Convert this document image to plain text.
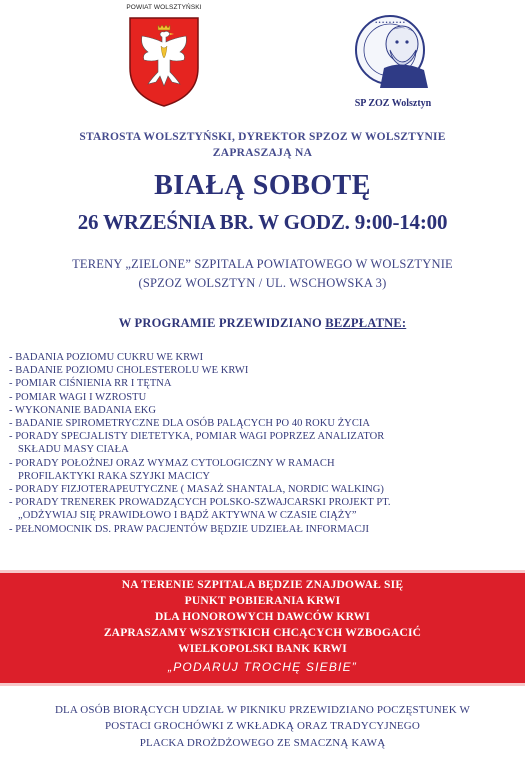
POWIAT WOLSZTYŃSKI
• • • • • • • • •
SP ZOZ Wolsztyn
STAROSTA WOLSZTYŃSKI, DYREKTOR SPZOZ W WOLSZTYNIE
ZAPRASZAJĄ NA
BIAŁĄ SOBOTĘ
26 WRZEŚNIA BR. W GODZ. 9:00-14:00
TERENY „ZIELONE” SZPITALA POWIATOWEGO W WOLSZTYNIE
(SPZOZ WOLSZTYN / UL. WSCHOWSKA 3)
W PROGRAMIE PRZEWIDZIANO BEZPŁATNE:
- BADANIA POZIOMU CUKRU WE KRWI
- BADANIE POZIOMU CHOLESTEROLU WE KRWI
- POMIAR CIŚNIENIA RR I TĘTNA
- POMIAR WAGI I WZROSTU
- WYKONANIE BADANIA EKG
- BADANIE SPIROMETRYCZNE DLA OSÓB PALĄCYCH PO 40 ROKU ŻYCIA
- PORADY SPECJALISTY DIETETYKA, POMIAR WAGI POPRZEZ ANALIZATOR
SKŁADU MASY CIAŁA
- PORADY POŁOŻNEJ ORAZ WYMAZ CYTOLOGICZNY W RAMACH
PROFILAKTYKI RAKA SZYJKI MACICY
- PORADY FIZJOTERAPEUTYCZNE ( MASAŻ SHANTALA, NORDIC WALKING)
- PORADY TRENEREK PROWADZĄCYCH POLSKO-SZWAJCARSKI PROJEKT PT.
„ODŻYWIAJ SIĘ PRAWIDŁOWO I BĄDŹ AKTYWNA W CZASIE CIĄŻY”
- PEŁNOMOCNIK DS. PRAW PACJENTÓW BĘDZIE UDZIEŁAŁ INFORMACJI
NA TERENIE SZPITALA BĘDZIE ZNAJDOWAŁ SIĘ
PUNKT POBIERANIA KRWI
DLA HONOROWYCH DAWCÓW KRWI
ZAPRASZAMY WSZYSTKICH CHCĄCYCH WZBOGACIĆ
WIELKOPOLSKI BANK KRWI
„PODARUJ TROCHĘ SIEBIE”
DLA OSÓB BIORĄCYCH UDZIAŁ W PIKNIKU PRZEWIDZIANO POCZĘSTUNEK W
POSTACI GROCHÓWKI Z WKŁADKĄ ORAZ TRADYCYJNEGO
PLACKA DROŻDŻOWEGO ZE SMACZNĄ KAWĄ
